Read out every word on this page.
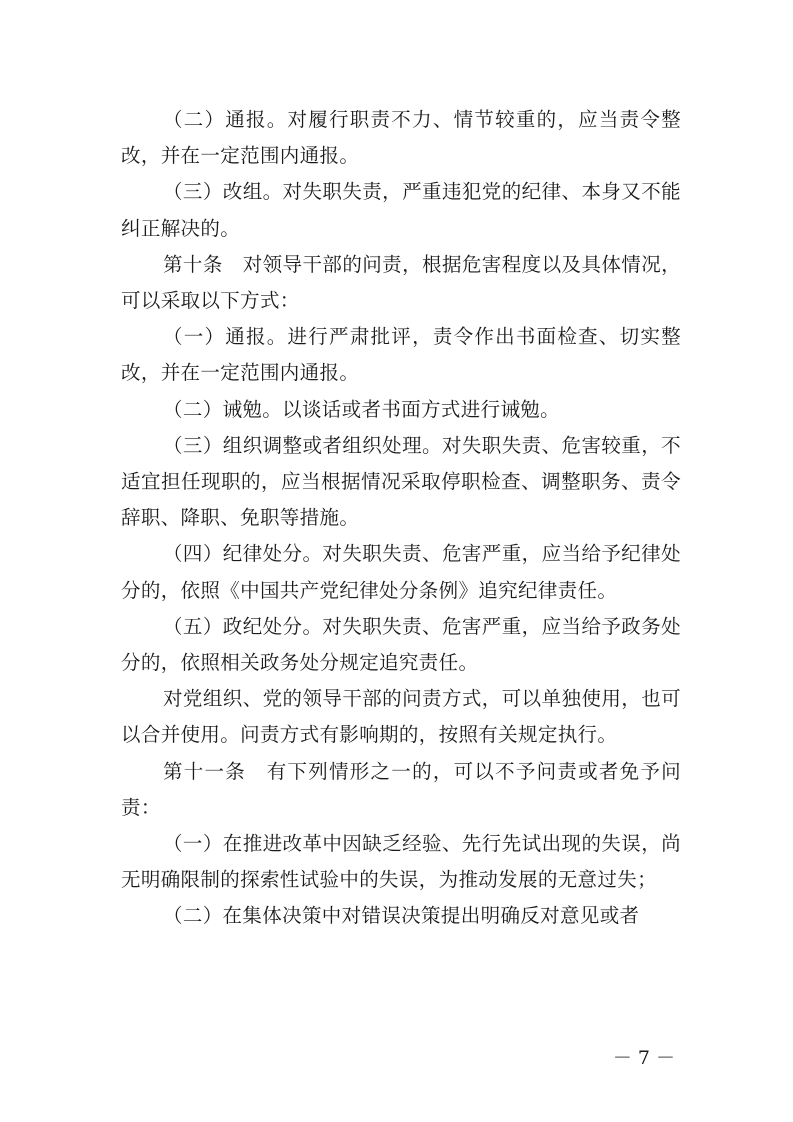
（二）通报。对履行职责不力、情节较重的，应当责令整改，并在一定范围内通报。

（三）改组。对失职失责，严重违犯党的纪律、本身又不能纠正解决的。

第十条　对领导干部的问责，根据危害程度以及具体情况，可以采取以下方式：

（一）通报。进行严肃批评，责令作出书面检查、切实整改，并在一定范围内通报。

（二）诫勉。以谈话或者书面方式进行诫勉。

（三）组织调整或者组织处理。对失职失责、危害较重，不适宜担任现职的，应当根据情况采取停职检查、调整职务、责令辞职、降职、免职等措施。

（四）纪律处分。对失职失责、危害严重，应当给予纪律处分的，依照《中国共产党纪律处分条例》追究纪律责任。

（五）政纪处分。对失职失责、危害严重，应当给予政务处分的，依照相关政务处分规定追究责任。

对党组织、党的领导干部的问责方式，可以单独使用，也可以合并使用。问责方式有影响期的，按照有关规定执行。

第十一条　有下列情形之一的，可以不予问责或者免予问责：

（一）在推进改革中因缺乏经验、先行先试出现的失误，尚无明确限制的探索性试验中的失误，为推动发展的无意过失；

（二）在集体决策中对错误决策提出明确反对意见或者

－ 7 －
